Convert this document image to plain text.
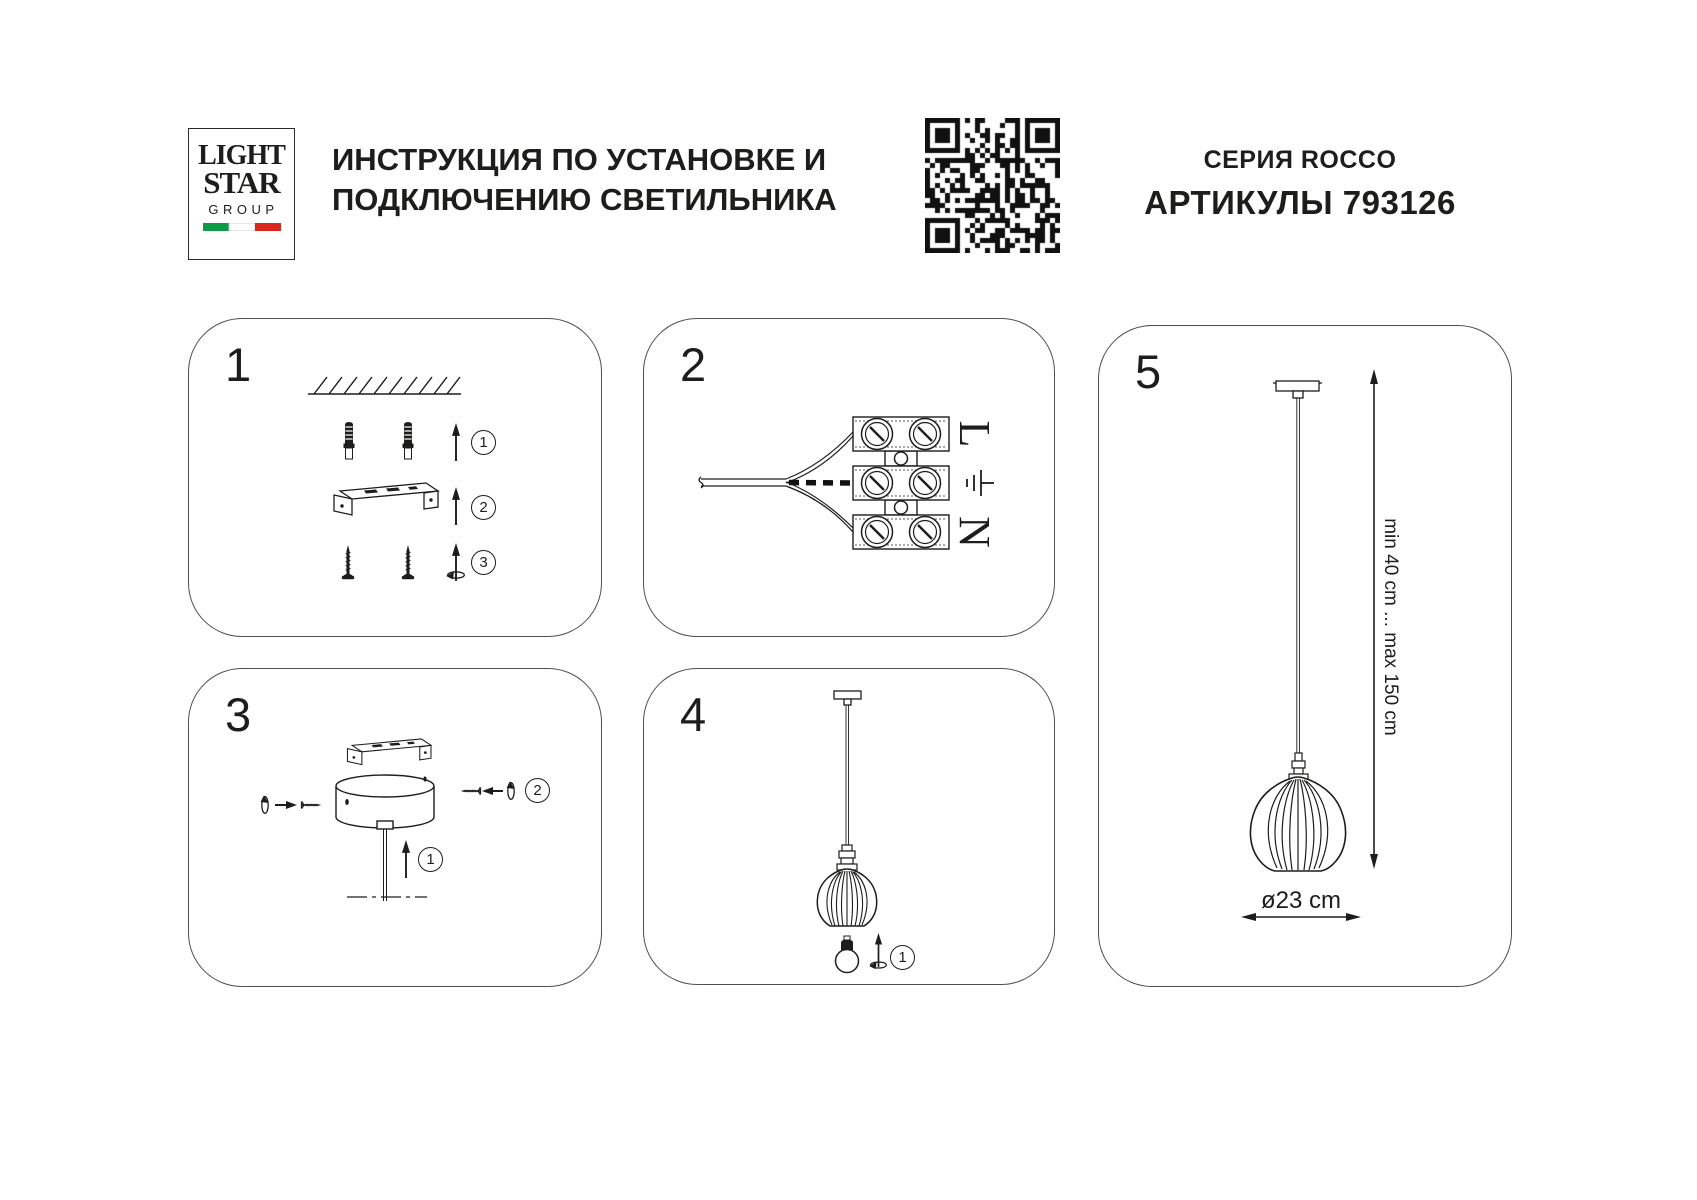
LIGHT
STAR
GROUP
ИНСТРУКЦИЯ ПО УСТАНОВКЕ И
ПОДКЛЮЧЕНИЮ СВЕТИЛЬНИКА
СЕРИЯ ROCCO
АРТИКУЛЫ 793126
1
1
2
3
2
L
N
3
2
1
4
1
5
min 40 cm ... max 150 cm
ø23 cm
